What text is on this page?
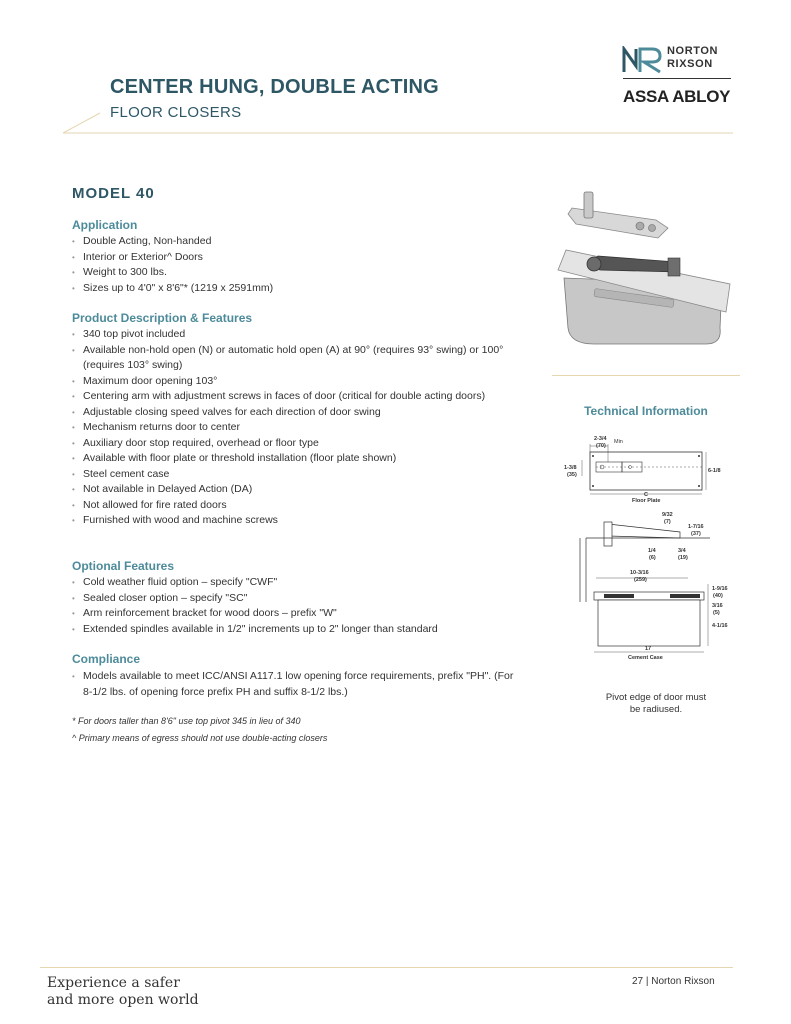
CENTER HUNG, DOUBLE ACTING
FLOOR CLOSERS
NORTON
RIXSON
ASSA ABLOY
MODEL 40
Application
• Double Acting, Non-handed
• Interior or Exterior^ Doors
• Weight to 300 lbs.
• Sizes up to 4'0" x 8'6"* (1219 x 2591mm)
Product Description & Features
• 340 top pivot included
• Available non-hold open (N) or automatic hold open (A) at 90° (requires 93° swing) or 100° (requires 103° swing)
• Maximum door opening 103°
• Centering arm with adjustment screws in faces of door (critical for double acting doors)
• Adjustable closing speed valves for each direction of door swing
• Mechanism returns door to center
• Auxiliary door stop required, overhead or floor type
• Available with floor plate or threshold installation (floor plate shown)
• Steel cement case
• Not available in Delayed Action (DA)
• Not allowed for fire rated doors
• Furnished with wood and machine screws
Optional Features
• Cold weather fluid option – specify "CWF"
• Sealed closer option – specify "SC"
• Arm reinforcement bracket for wood doors – prefix "W"
• Extended spindles available in 1/2" increments up to 2" longer than standard
Compliance
• Models available to meet ICC/ANSI A117.1 low opening force requirements, prefix "PH". (For 8-1/2 lbs. of opening force prefix PH and suffix 8-1/2 lbs.)
* For doors taller than 8'6" use top pivot 345 in lieu of 340
^ Primary means of egress should not use double-acting closers
Technical Information
2-3/4
(70)
Min
1-3/8
(35)
6-1/8
C
Floor Plate
9/32
(7)
1-7/16
(37)
1/4
(6)
3/4
(19)
10-3/16
(259)
1-9/16
(40)
3/16
(5)
4-1/16
17
Cement Case
Pivot edge of door must be radiused.
Experience a safer
and more open world
27 | Norton Rixson
